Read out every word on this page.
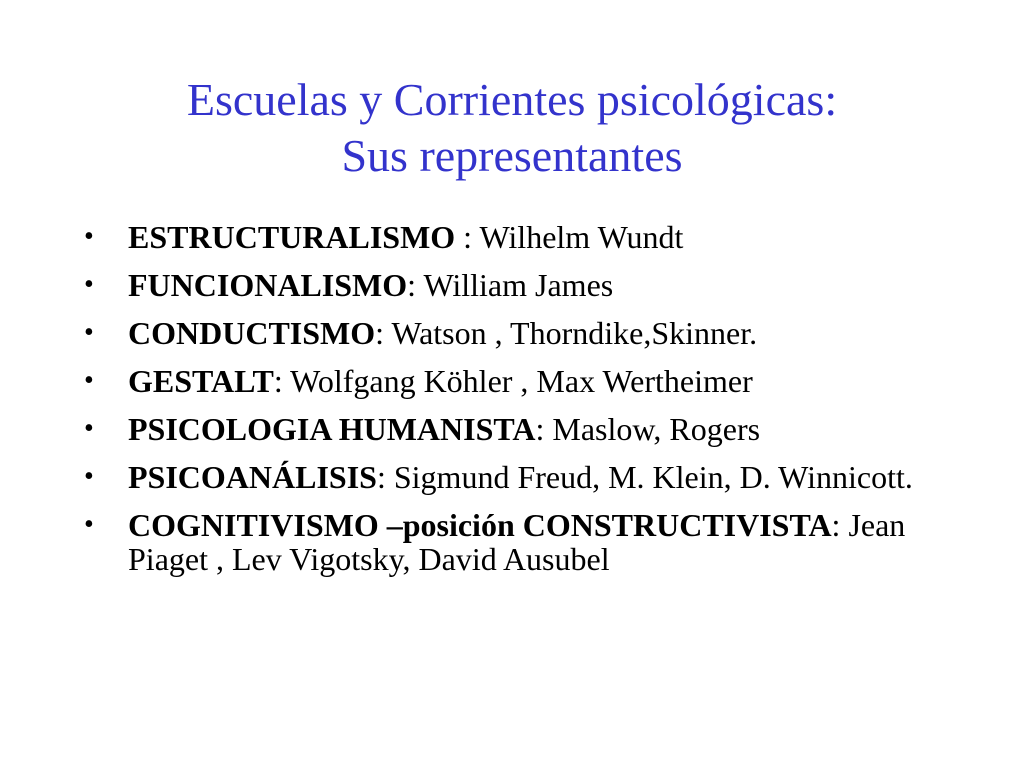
Escuelas y Corrientes psicológicas:
Sus representantes
• ESTRUCTURALISMO : Wilhelm Wundt
• FUNCIONALISMO: William James
• CONDUCTISMO: Watson , Thorndike,Skinner.
• GESTALT: Wolfgang Köhler , Max Wertheimer
• PSICOLOGIA HUMANISTA: Maslow, Rogers
• PSICOANÁLISIS: Sigmund Freud, M. Klein, D. Winnicott.
• COGNITIVISMO –posición CONSTRUCTIVISTA: Jean Piaget , Lev Vigotsky, David Ausubel
